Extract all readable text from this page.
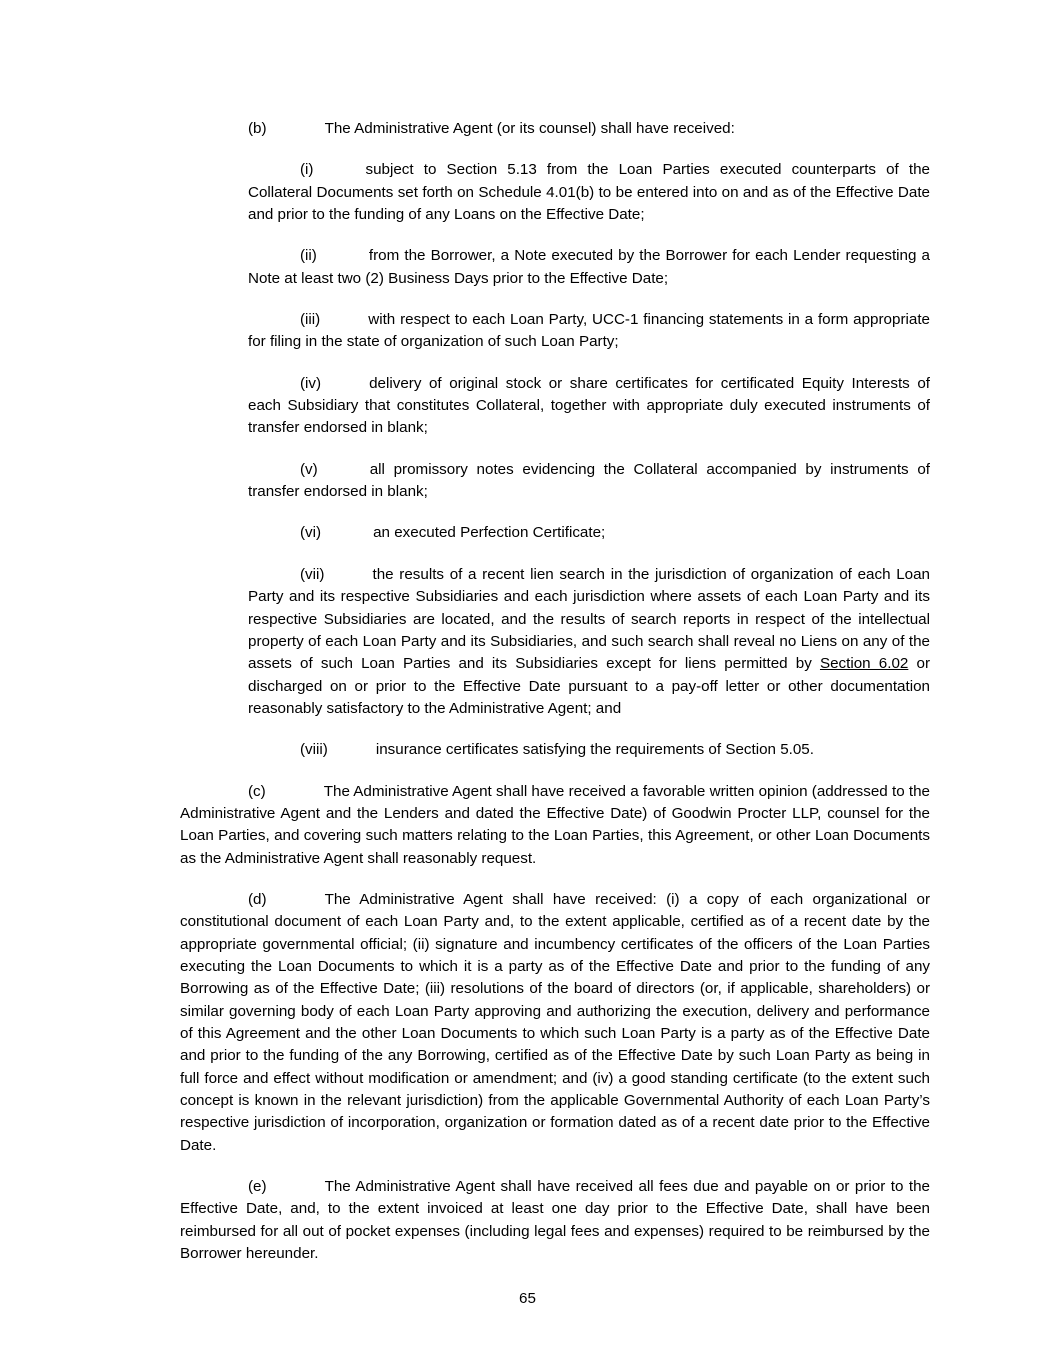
(b)	The Administrative Agent (or its counsel) shall have received:

(i)	subject to Section 5.13 from the Loan Parties executed counterparts of the Collateral Documents set forth on Schedule 4.01(b) to be entered into on and as of the Effective Date and prior to the funding of any Loans on the Effective Date;

(ii)	from the Borrower, a Note executed by the Borrower for each Lender requesting a Note at least two (2) Business Days prior to the Effective Date;

(iii)	with respect to each Loan Party, UCC-1 financing statements in a form appropriate for filing in the state of organization of such Loan Party;

(iv)	delivery of original stock or share certificates for certificated Equity Interests of each Subsidiary that constitutes Collateral, together with appropriate duly executed instruments of transfer endorsed in blank;

(v)	all promissory notes evidencing the Collateral accompanied by instruments of transfer endorsed in blank;

(vi)	an executed Perfection Certificate;

(vii)	the results of a recent lien search in the jurisdiction of organization of each Loan Party and its respective Subsidiaries and each jurisdiction where assets of each Loan Party and its respective Subsidiaries are located, and the results of search reports in respect of the intellectual property of each Loan Party and its Subsidiaries, and such search shall reveal no Liens on any of the assets of such Loan Parties and its Subsidiaries except for liens permitted by Section 6.02 or discharged on or prior to the Effective Date pursuant to a pay-off letter or other documentation reasonably satisfactory to the Administrative Agent; and

(viii)	insurance certificates satisfying the requirements of Section 5.05.

(c)	The Administrative Agent shall have received a favorable written opinion (addressed to the Administrative Agent and the Lenders and dated the Effective Date) of Goodwin Procter LLP, counsel for the Loan Parties, and covering such matters relating to the Loan Parties, this Agreement, or other Loan Documents as the Administrative Agent shall reasonably request.

(d)	The Administrative Agent shall have received: (i) a copy of each organizational or constitutional document of each Loan Party and, to the extent applicable, certified as of a recent date by the appropriate governmental official; (ii) signature and incumbency certificates of the officers of the Loan Parties executing the Loan Documents to which it is a party as of the Effective Date and prior to the funding of any Borrowing as of the Effective Date; (iii) resolutions of the board of directors (or, if applicable, shareholders) or similar governing body of each Loan Party approving and authorizing the execution, delivery and performance of this Agreement and the other Loan Documents to which such Loan Party is a party as of the Effective Date and prior to the funding of the any Borrowing, certified as of the Effective Date by such Loan Party as being in full force and effect without modification or amendment; and (iv) a good standing certificate (to the extent such concept is known in the relevant jurisdiction) from the applicable Governmental Authority of each Loan Party’s respective jurisdiction of incorporation, organization or formation dated as of a recent date prior to the Effective Date.

(e)	The Administrative Agent shall have received all fees due and payable on or prior to the Effective Date, and, to the extent invoiced at least one day prior to the Effective Date, shall have been reimbursed for all out of pocket expenses (including legal fees and expenses) required to be reimbursed by the Borrower hereunder.

65
